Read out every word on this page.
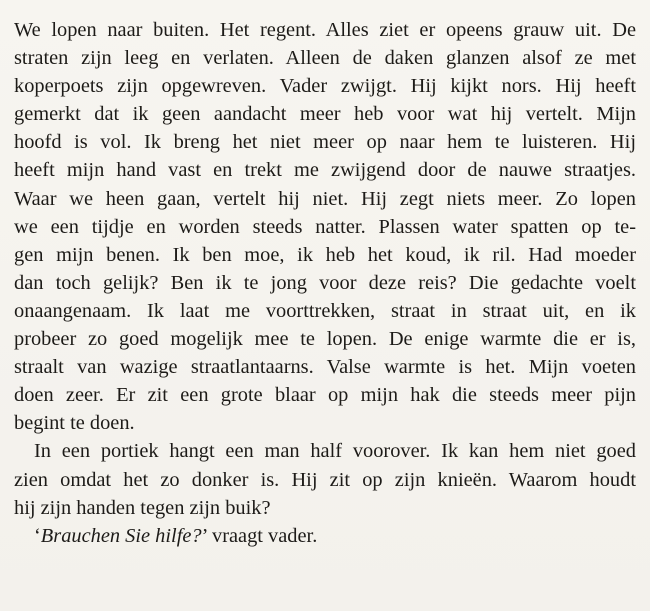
We lopen naar buiten. Het regent. Alles ziet er opeens grauw uit. De
straten zijn leeg en verlaten. Alleen de daken glanzen alsof ze met
koperpoets zijn opgewreven. Vader zwijgt. Hij kijkt nors. Hij heeft
gemerkt dat ik geen aandacht meer heb voor wat hij vertelt. Mijn
hoofd is vol. Ik breng het niet meer op naar hem te luisteren. Hij
heeft mijn hand vast en trekt me zwijgend door de nauwe straatjes.
Waar we heen gaan, vertelt hij niet. Hij zegt niets meer. Zo lopen
we een tijdje en worden steeds natter. Plassen water spatten op te-
gen mijn benen. Ik ben moe, ik heb het koud, ik ril. Had moeder
dan toch gelijk? Ben ik te jong voor deze reis? Die gedachte voelt
onaangenaam. Ik laat me voorttrekken, straat in straat uit, en ik
probeer zo goed mogelijk mee te lopen. De enige warmte die er is,
straalt van wazige straatlantaarns. Valse warmte is het. Mijn voeten
doen zeer. Er zit een grote blaar op mijn hak die steeds meer pijn
begint te doen.
In een portiek hangt een man half voorover. Ik kan hem niet goed
zien omdat het zo donker is. Hij zit op zijn knieën. Waarom houdt
hij zijn handen tegen zijn buik?
‘Brauchen Sie hilfe?’ vraagt vader.
